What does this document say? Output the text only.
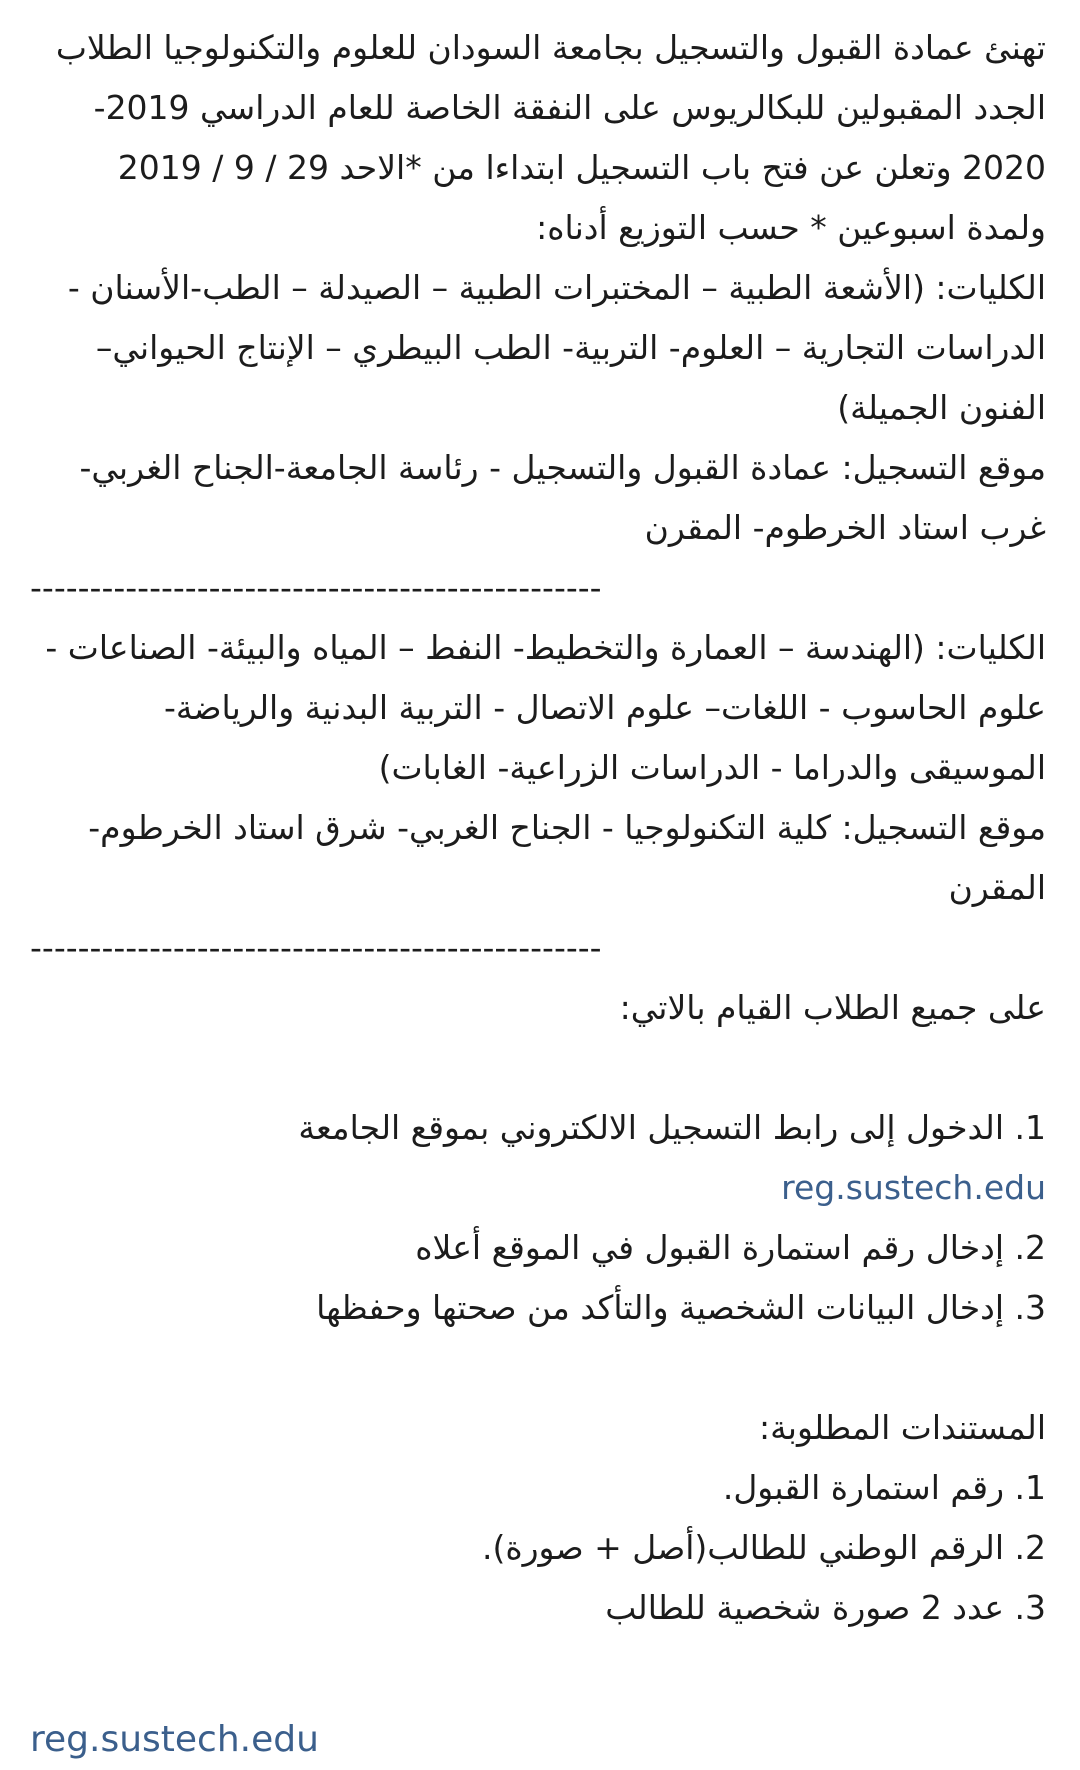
تهنئ عمادة القبول والتسجيل بجامعة السودان للعلوم والتكنولوجيا الطلاب الجدد المقبولين للبكالريوس على النفقة الخاصة للعام الدراسي 2019- 2020 وتعلن عن فتح باب التسجيل ابتداءا من *الاحد 29 / 9 / 2019 ولمدة اسبوعين * حسب التوزيع أدناه:

الكليات: (الأشعة الطبية – المختبرات الطبية – الصيدلة – الطب-الأسنان - الدراسات التجارية – العلوم- التربية- الطب البيطري – الإنتاج الحيواني– الفنون الجميلة)

موقع التسجيل: عمادة القبول والتسجيل - رئاسة الجامعة-الجناح الغربي- غرب استاد الخرطوم- المقرن

------------------------------------------------

الكليات: (الهندسة – العمارة والتخطيط- النفط – المياه والبيئة- الصناعات - علوم الحاسوب - اللغات– علوم الاتصال - التربية البدنية والرياضة- الموسيقى والدراما - الدراسات الزراعية- الغابات)

موقع التسجيل: كلية التكنولوجيا - الجناح الغربي- شرق استاد الخرطوم- المقرن

------------------------------------------------

على جميع الطلاب القيام بالاتي:

1. الدخول إلى رابط التسجيل الالكتروني بموقع الجامعة

reg.sustech.edu

2. إدخال رقم استمارة القبول في الموقع أعلاه

3. إدخال البيانات الشخصية والتأكد من صحتها وحفظها

المستندات المطلوبة:

1. رقم استمارة القبول.

2. الرقم الوطني للطالب(أصل + صورة).

3. عدد 2 صورة شخصية للطالب

reg.sustech.edu
